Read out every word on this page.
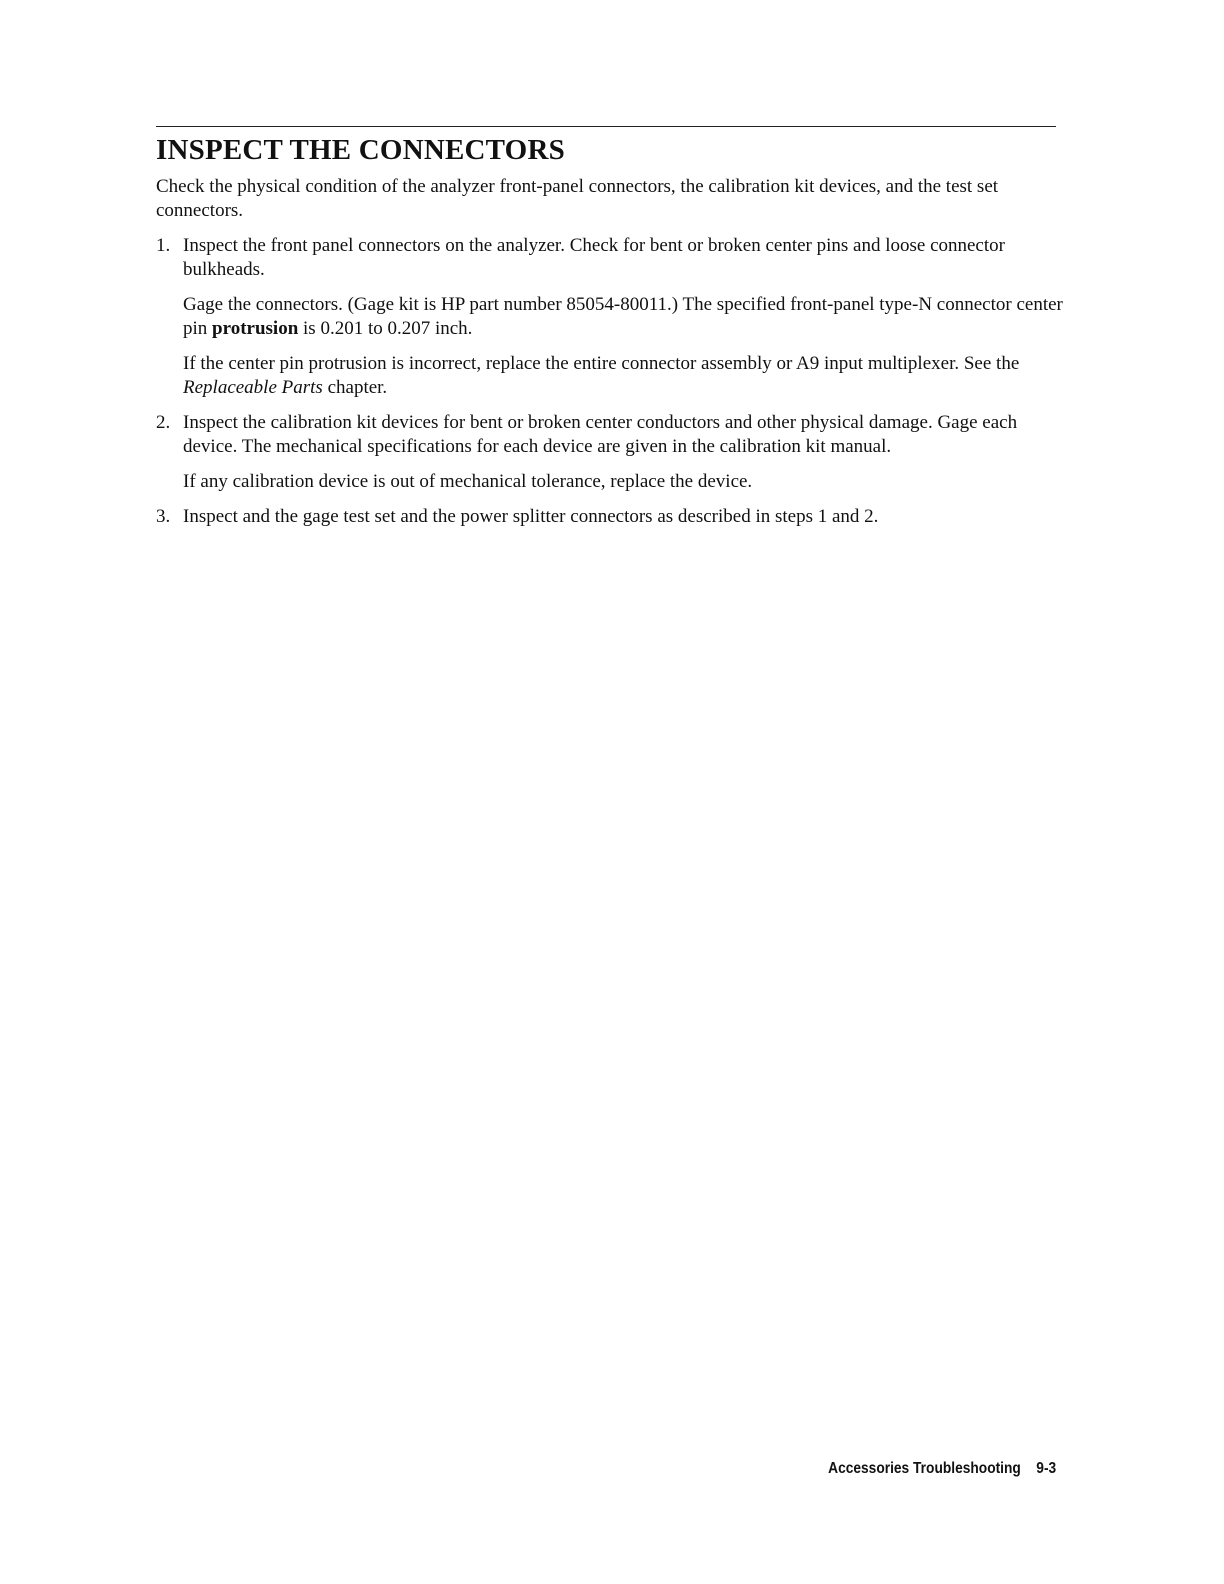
INSPECT THE CONNECTORS

Check the physical condition of the analyzer front-panel connectors, the calibration kit devices, and the test set connectors.

1. Inspect the front panel connectors on the analyzer. Check for bent or broken center pins and loose connector bulkheads.

Gage the connectors. (Gage kit is HP part number 85054-80011.) The specified front-panel type-N connector center pin protrusion is 0.201 to 0.207 inch.

If the center pin protrusion is incorrect, replace the entire connector assembly or A9 input multiplexer. See the Replaceable Parts chapter.

2. Inspect the calibration kit devices for bent or broken center conductors and other physical damage. Gage each device. The mechanical specifications for each device are given in the calibration kit manual.

If any calibration device is out of mechanical tolerance, replace the device.

3. Inspect and the gage test set and the power splitter connectors as described in steps 1 and 2.

Accessories Troubleshooting 9-3
